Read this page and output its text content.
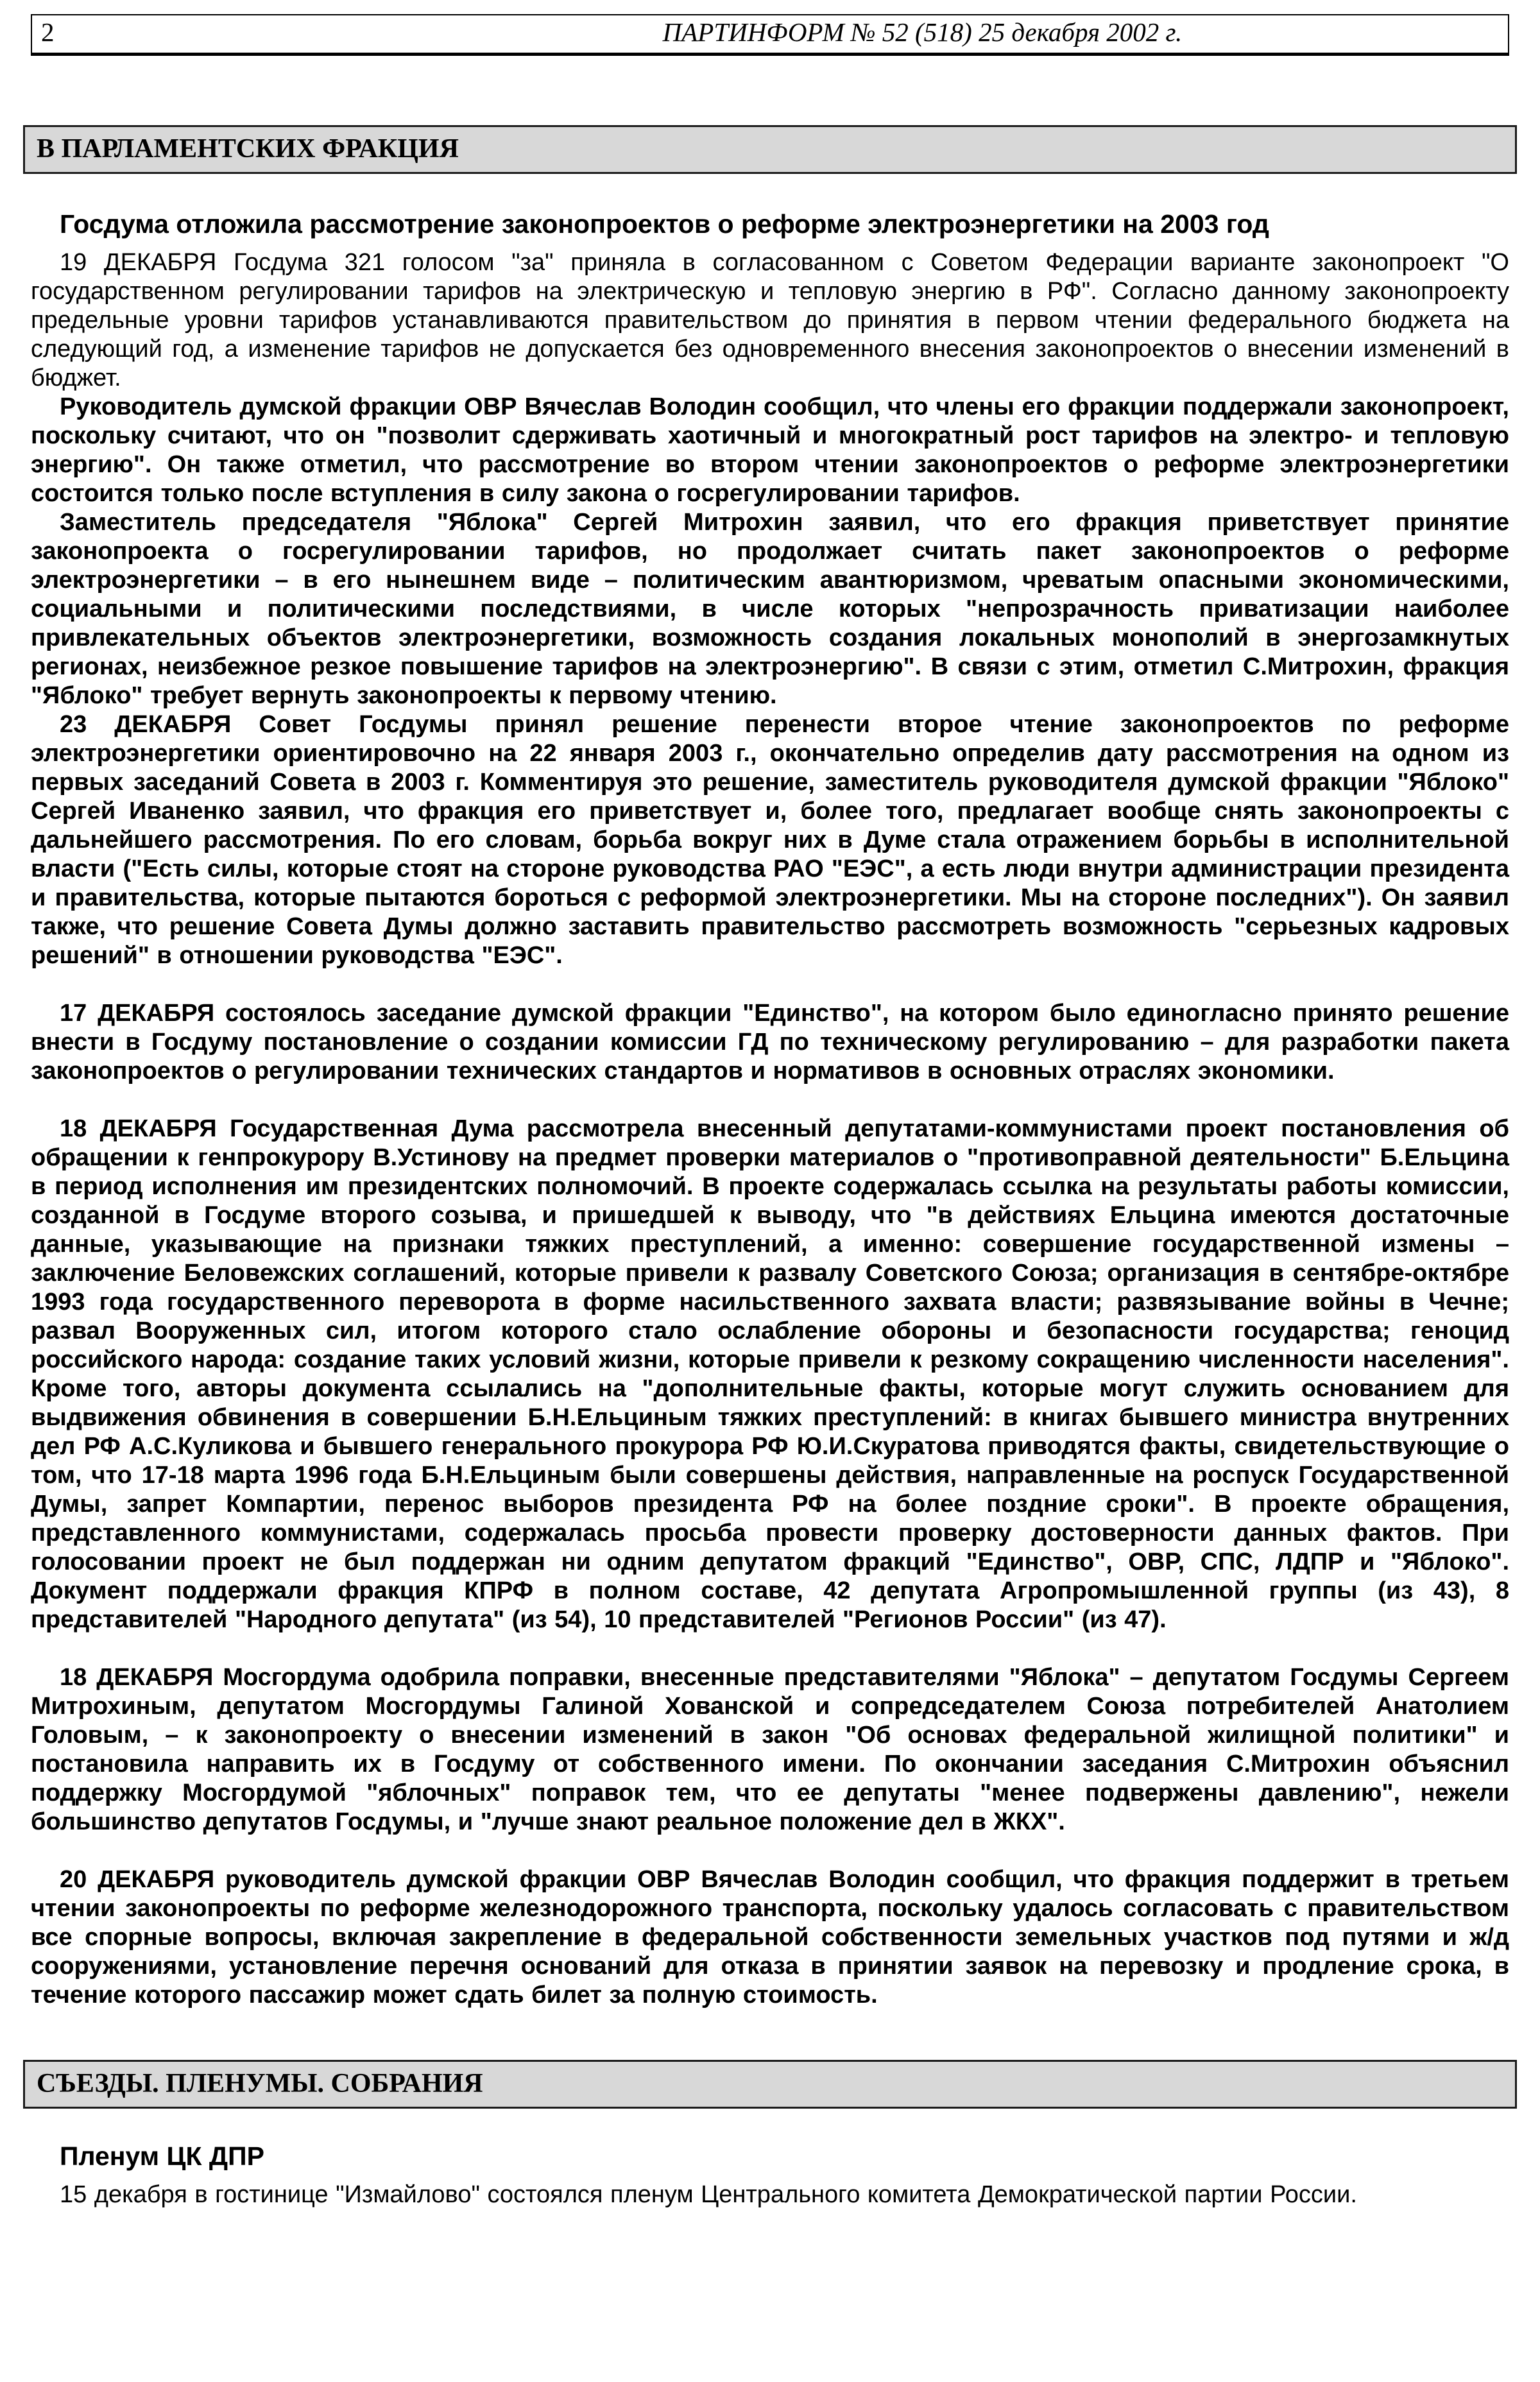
2	ПАРТИНФОРМ № 52 (518) 25 декабря 2002 г.
В ПАРЛАМЕНТСКИХ ФРАКЦИЯ
Госдума отложила рассмотрение законопроектов о реформе электроэнергетики на 2003 год

19 ДЕКАБРЯ Госдума 321 голосом "за" приняла в согласованном с Советом Федерации варианте законопроект "О государственном регулировании тарифов на электрическую и тепловую энергию в РФ". Согласно данному законопроекту предельные уровни тарифов устанавливаются правительством до принятия в первом чтении федерального бюджета на следующий год, а изменение тарифов не допускается без одновременного внесения законопроектов о внесении изменений в бюджет.

Руководитель думской фракции ОВР Вячеслав Володин сообщил, что члены его фракции поддержали законопроект, поскольку считают, что он "позволит сдерживать хаотичный и многократный рост тарифов на электро- и тепловую энергию". Он также отметил, что рассмотрение во втором чтении законопроектов о реформе электроэнергетики состоится только после вступления в силу закона о госрегулировании тарифов.

Заместитель председателя "Яблока" Сергей Митрохин заявил, что его фракция приветствует принятие законопроекта о госрегулировании тарифов, но продолжает считать пакет законопроектов о реформе электроэнергетики – в его нынешнем виде – политическим авантюризмом, чреватым опасными экономическими, социальными и политическими последствиями, в числе которых "непрозрачность приватизации наиболее привлекательных объектов электроэнергетики, возможность создания локальных монополий в энергозамкнутых регионах, неизбежное резкое повышение тарифов на электроэнергию". В связи с этим, отметил С.Митрохин, фракция "Яблоко" требует вернуть законопроекты к первому чтению.

23 ДЕКАБРЯ Совет Госдумы принял решение перенести второе чтение законопроектов по реформе электроэнергетики ориентировочно на 22 января 2003 г., окончательно определив дату рассмотрения на одном из первых заседаний Совета в 2003 г. Комментируя это решение, заместитель руководителя думской фракции "Яблоко" Сергей Иваненко заявил, что фракция его приветствует и, более того, предлагает вообще снять законопроекты с дальнейшего рассмотрения. По его словам, борьба вокруг них в Думе стала отражением борьбы в исполнительной власти ("Есть силы, которые стоят на стороне руководства РАО "ЕЭС", а есть люди внутри администрации президента и правительства, которые пытаются бороться с реформой электроэнергетики. Мы на стороне последних"). Он заявил также, что решение Совета Думы должно заставить правительство рассмотреть возможность "серьезных кадровых решений" в отношении руководства "ЕЭС".

17 ДЕКАБРЯ состоялось заседание думской фракции "Единство", на котором было единогласно принято решение внести в Госдуму постановление о создании комиссии ГД по техническому регулированию – для разработки пакета законопроектов о регулировании технических стандартов и нормативов в основных отраслях экономики.

18 ДЕКАБРЯ Государственная Дума рассмотрела внесенный депутатами-коммунистами проект постановления об обращении к генпрокурору В.Устинову на предмет проверки материалов о "противоправной деятельности" Б.Ельцина в период исполнения им президентских полномочий. В проекте содержалась ссылка на результаты работы комиссии, созданной в Госдуме второго созыва, и пришедшей к выводу, что "в действиях Ельцина имеются достаточные данные, указывающие на признаки тяжких преступлений, а именно: совершение государственной измены – заключение Беловежских соглашений, которые привели к развалу Советского Союза; организация в сентябре-октябре 1993 года государственного переворота в форме насильственного захвата власти; развязывание войны в Чечне; развал Вооруженных сил, итогом которого стало ослабление обороны и безопасности государства; геноцид российского народа: создание таких условий жизни, которые привели к резкому сокращению численности населения". Кроме того, авторы документа ссылались на "дополнительные факты, которые могут служить основанием для выдвижения обвинения в совершении Б.Н.Ельциным тяжких преступлений: в книгах бывшего министра внутренних дел РФ А.С.Куликова и бывшего генерального прокурора РФ Ю.И.Скуратова приводятся факты, свидетельствующие о том, что 17-18 марта 1996 года Б.Н.Ельциным были совершены действия, направленные на роспуск Государственной Думы, запрет Компартии, перенос выборов президента РФ на более поздние сроки". В проекте обращения, представленного коммунистами, содержалась просьба провести проверку достоверности данных фактов. При голосовании проект не был поддержан ни одним депутатом фракций "Единство", ОВР, СПС, ЛДПР и "Яблоко". Документ поддержали фракция КПРФ в полном составе, 42 депутата Агропромышленной группы (из 43), 8 представителей "Народного депутата" (из 54), 10 представителей "Регионов России" (из 47).

18 ДЕКАБРЯ Мосгордума одобрила поправки, внесенные представителями "Яблока" – депутатом Госдумы Сергеем Митрохиным, депутатом Мосгордумы Галиной Хованской и сопредседателем Союза потребителей Анатолием Головым, – к законопроекту о внесении изменений в закон "Об основах федеральной жилищной политики" и постановила направить их в Госдуму от собственного имени. По окончании заседания С.Митрохин объяснил поддержку Мосгордумой "яблочных" поправок тем, что ее депутаты "менее подвержены давлению", нежели большинство депутатов Госдумы, и "лучше знают реальное положение дел в ЖКХ".

20 ДЕКАБРЯ руководитель думской фракции ОВР Вячеслав Володин сообщил, что фракция поддержит в третьем чтении законопроекты по реформе железнодорожного транспорта, поскольку удалось согласовать с правительством все спорные вопросы, включая закрепление в федеральной собственности земельных участков под путями и ж/д сооружениями, установление перечня оснований для отказа в принятии заявок на перевозку и продление срока, в течение которого пассажир может сдать билет за полную стоимость.

СЪЕЗДЫ. ПЛЕНУМЫ. СОБРАНИЯ
Пленум ЦК ДПР

15 декабря в гостинице "Измайлово" состоялся пленум Центрального комитета Демократической партии России.
